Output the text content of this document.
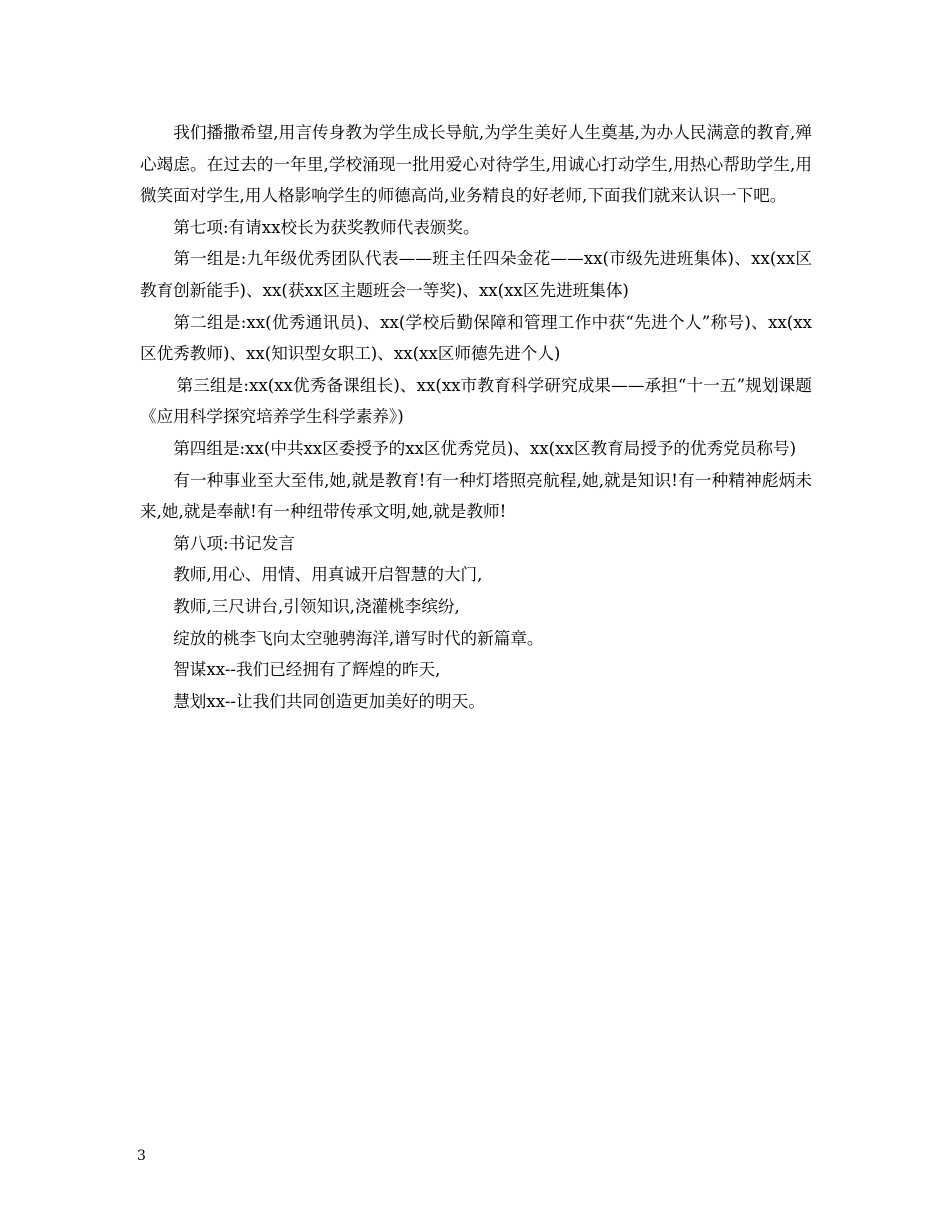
我们播撒希望,用言传身教为学生成长导航,为学生美好人生奠基,为办人民满意的教育,殚心竭虑。在过去的一年里,学校涌现一批用爱心对待学生,用诚心打动学生,用热心帮助学生,用微笑面对学生,用人格影响学生的师德高尚,业务精良的好老师,下面我们就来认识一下吧。

第七项:有请xx校长为获奖教师代表颁奖。

第一组是:九年级优秀团队代表——班主任四朵金花——xx(市级先进班集体)、xx(xx区教育创新能手)、xx(获xx区主题班会一等奖)、xx(xx区先进班集体)

第二组是:xx(优秀通讯员)、xx(学校后勤保障和管理工作中获“先进个人”称号)、xx(xx区优秀教师)、xx(知识型女职工)、xx(xx区师德先进个人)

第三组是:xx(xx优秀备课组长)、xx(xx市教育科学研究成果——承担“十一五”规划课题《应用科学探究培养学生科学素养》)

第四组是:xx(中共xx区委授予的xx区优秀党员)、xx(xx区教育局授予的优秀党员称号)

有一种事业至大至伟,她,就是教育!有一种灯塔照亮航程,她,就是知识!有一种精神彪炳未来,她,就是奉献!有一种纽带传承文明,她,就是教师!

第八项:书记发言

教师,用心、用情、用真诚开启智慧的大门,

教师,三尺讲台,引领知识,浇灌桃李缤纷,

绽放的桃李飞向太空驰骋海洋,谱写时代的新篇章。

智谋xx--我们已经拥有了辉煌的昨天,

慧划xx--让我们共同创造更加美好的明天。

3
